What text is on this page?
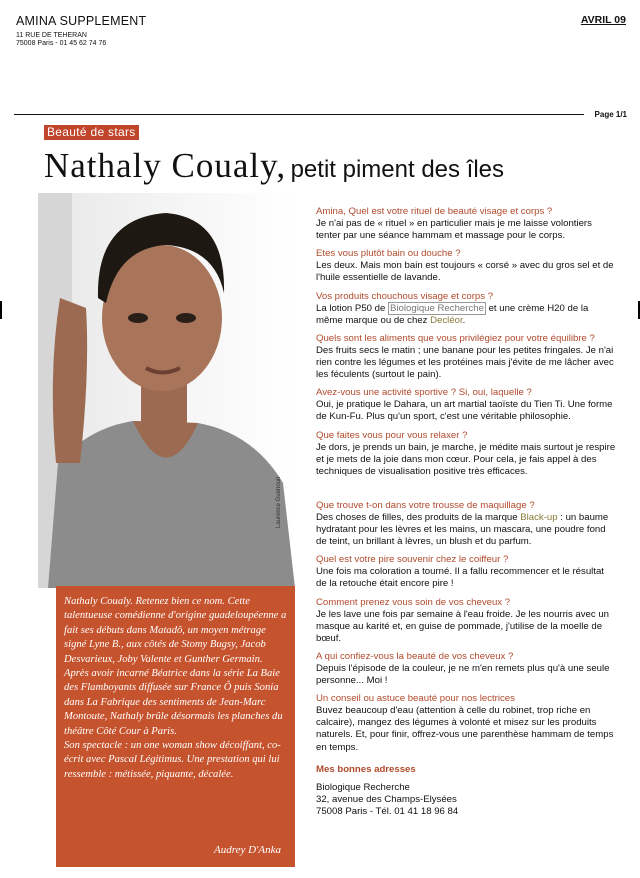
AMINA SUPPLEMENT
11 RUE DE TEHERAN
75008 Paris - 01 45 62 74 76
AVRIL 09
Page 1/1
Beauté de stars
Nathaly Coualy, petit piment des îles
Laurence Guenoun

Nathaly Coualy. Retenez bien ce nom. Cette talentueuse comédienne d'origine guadeloupéenne a fait ses débuts dans Matadô, un moyen métrage signé Lyne B., aux côtés de Stomy Bugsy, Jacob Desvarieux, Joby Valente et Gunther Germain. Après avoir incarné Béatrice dans la série La Baie des Flamboyants diffusée sur France Ô puis Sonia dans La Fabrique des sentiments de Jean-Marc Montoute, Nathaly brûle désormais les planches du théâtre Côté Cour à Paris.

Son spectacle : un one woman show décoiffant, co-écrit avec Pascal Légitimus. Une prestation qui lui ressemble : métissée, piquante, décalée.

Audrey D'Anka

Amina, Quel est votre rituel de beauté visage et corps ?

Je n'ai pas de « rituel » en particulier mais je me laisse volontiers tenter par une séance hammam et massage pour le corps.

Etes vous plutôt bain ou douche ?

Les deux. Mais mon bain est toujours « corsé » avec du gros sel et de l'huile essentielle de lavande.

Vos produits chouchous visage et corps ?

La lotion P50 de Biologique Recherche et une crème H20 de la même marque ou de chez Decléor.

Quels sont les aliments que vous privilégiez pour votre équilibre ?

Des fruits secs le matin ; une banane pour les petites fringales. Je n'ai rien contre les légumes et les protéines mais j'évite de me lâcher avec les féculents (surtout le pain).

Avez-vous une activité sportive ? Si, oui, laquelle ?

Oui, je pratique le Dahara, un art martial taoïste du Tien Ti. Une forme de Kun-Fu. Plus qu'un sport, c'est une véritable philosophie.

Que faites vous pour vous relaxer ?

Je dors, je prends un bain, je marche, je médite mais surtout je respire et je mets de la joie dans mon cœur. Pour cela, je fais appel à des techniques de visualisation positive très efficaces.

Que trouve t-on dans votre trousse de maquillage ?

Des choses de filles, des produits de la marque Black-up : un baume hydratant pour les lèvres et les mains, un mascara, une poudre fond de teint, un brillant à lèvres, un blush et du parfum.

Quel est votre pire souvenir chez le coiffeur ?

Une fois ma coloration a tourné. Il a fallu recommencer et le résultat de la retouche était encore pire !

Comment prenez vous soin de vos cheveux ?

Je les lave une fois par semaine à l'eau froide. Je les nourris avec un masque au karité et, en guise de pommade, j'utilise de la moelle de bœuf.

A qui confiez-vous la beauté de vos cheveux ?

Depuis l'épisode de la couleur, je ne m'en remets plus qu'à une seule personne... Moi !

Un conseil ou astuce beauté pour nos lectrices

Buvez beaucoup d'eau (attention à celle du robinet, trop riche en calcaire), mangez des légumes à volonté et misez sur les produits naturels. Et, pour finir, offrez-vous une parenthèse hammam de temps en temps.

Mes bonnes adresses

Biologique Recherche

32, avenue des Champs-Elysées

75008 Paris - Tél. 01 41 18 96 84
